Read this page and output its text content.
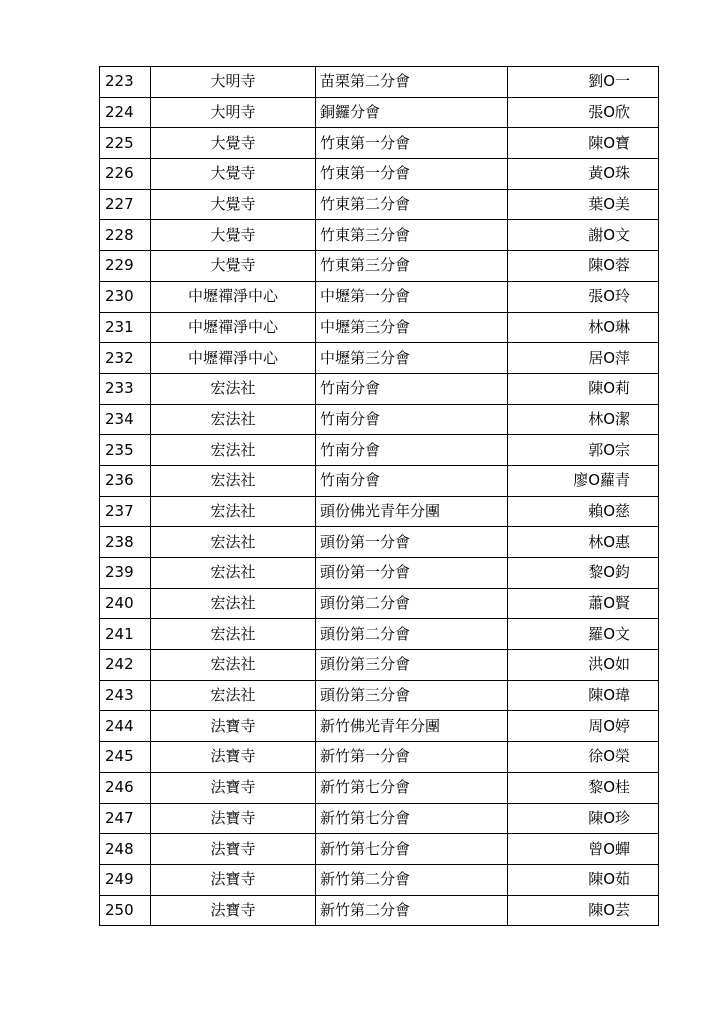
223	大明寺	苗栗第二分會	劉O一
224	大明寺	銅鑼分會	張O欣
225	大覺寺	竹東第一分會	陳O寶
226	大覺寺	竹東第一分會	黃O珠
227	大覺寺	竹東第二分會	葉O美
228	大覺寺	竹東第三分會	謝O文
229	大覺寺	竹東第三分會	陳O蓉
230	中壢禪淨中心	中壢第一分會	張O玲
231	中壢禪淨中心	中壢第三分會	林O琳
232	中壢禪淨中心	中壢第三分會	居O萍
233	宏法社	竹南分會	陳O莉
234	宏法社	竹南分會	林O潔
235	宏法社	竹南分會	郭O宗
236	宏法社	竹南分會	廖O蘿青
237	宏法社	頭份佛光青年分團	賴O慈
238	宏法社	頭份第一分會	林O惠
239	宏法社	頭份第一分會	黎O鈞
240	宏法社	頭份第二分會	蕭O賢
241	宏法社	頭份第二分會	羅O文
242	宏法社	頭份第三分會	洪O如
243	宏法社	頭份第三分會	陳O瑋
244	法寶寺	新竹佛光青年分團	周O婷
245	法寶寺	新竹第一分會	徐O榮
246	法寶寺	新竹第七分會	黎O桂
247	法寶寺	新竹第七分會	陳O珍
248	法寶寺	新竹第七分會	曾O蟬
249	法寶寺	新竹第二分會	陳O茹
250	法寶寺	新竹第二分會	陳O芸
